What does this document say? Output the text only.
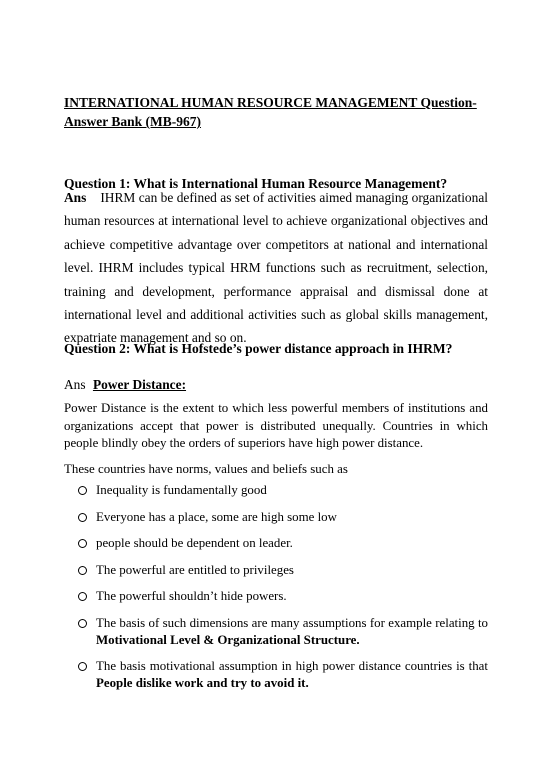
INTERNATIONAL HUMAN RESOURCE MANAGEMENT Question-Answer Bank (MB-967)
Question 1: What is International Human Resource Management?
Ans IHRM can be defined as set of activities aimed managing organizational human resources at international level to achieve organizational objectives and achieve competitive advantage over competitors at national and international level. IHRM includes typical HRM functions such as recruitment, selection, training and development, performance appraisal and dismissal done at international level and additional activities such as global skills management, expatriate management and so on.
Question 2: What is Hofstede’s power distance approach in IHRM?
Ans Power Distance:
Power Distance is the extent to which less powerful members of institutions and organizations accept that power is distributed unequally. Countries in which people blindly obey the orders of superiors have high power distance.
These countries have norms, values and beliefs such as
Inequality is fundamentally good
Everyone has a place, some are high some low
people should be dependent on leader.
The powerful are entitled to privileges
The powerful shouldn’t hide powers.
The basis of such dimensions are many assumptions for example relating to Motivational Level & Organizational Structure.
The basis motivational assumption in high power distance countries is that People dislike work and try to avoid it.
